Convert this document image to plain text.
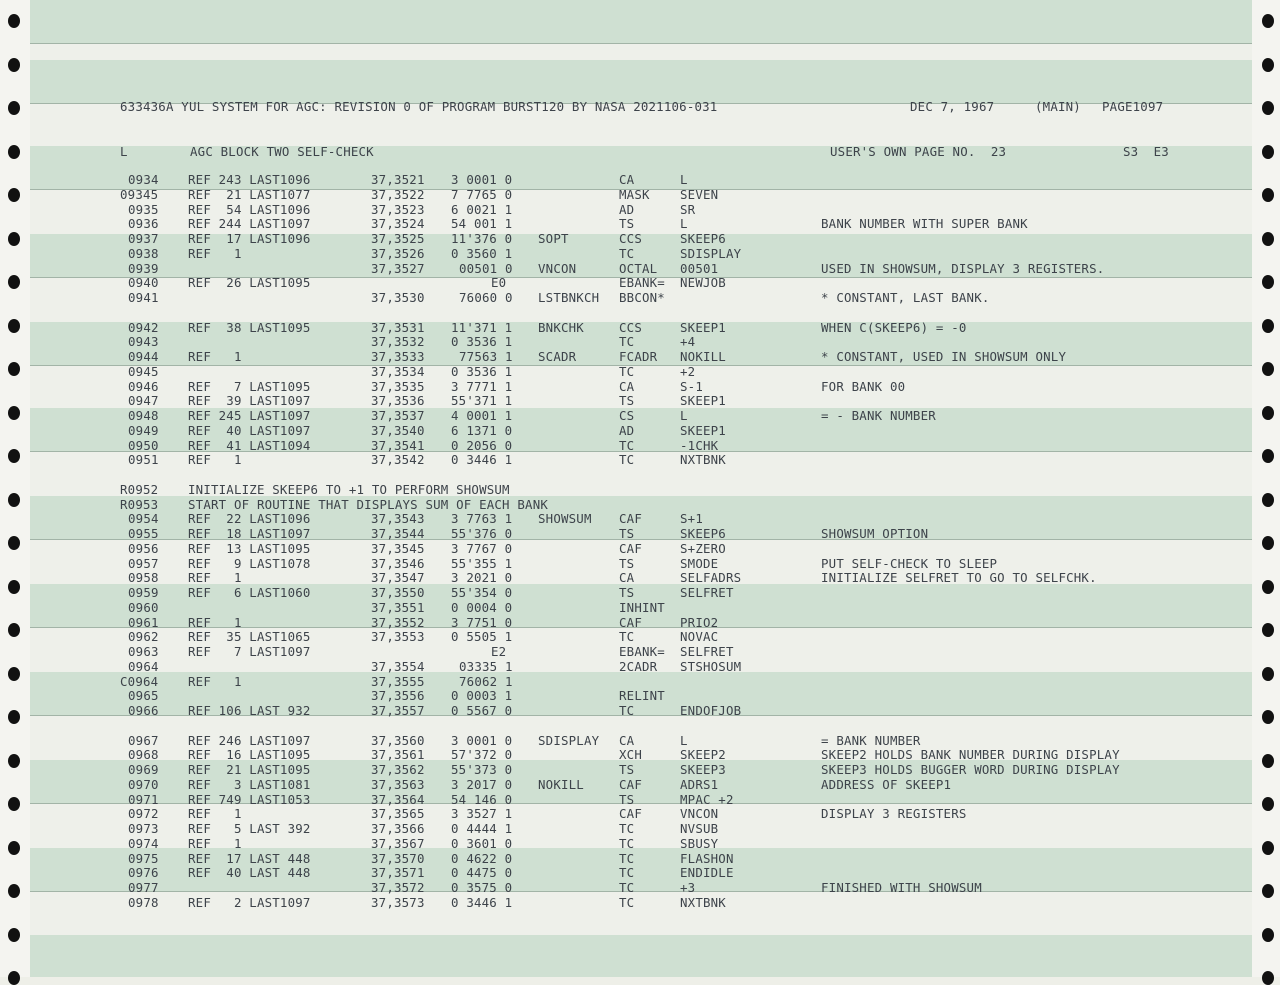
633436A YUL SYSTEM FOR AGC: REVISION 0 OF PROGRAM BURST120 BY NASA 2021106-031	DEC 7, 1967	(MAIN) PAGE1097
L	AGC BLOCK TWO SELF-CHECK	USER'S OWN PAGE NO.  23	S3  E3
0934 REF 243 LAST1096	37,3521 3 0001 0	CA	L
09345 REF  21 LAST1077	37,3522 7 7765 0	MASK SEVEN
0935 REF  54 LAST1096	37,3523 6 0021 1	AD	SR
0936 REF 244 LAST1097	37,3524 54 001 1	TS	L	BANK NUMBER WITH SUPER BANK
0937 REF  17 LAST1096	37,3525 11'376 0 SOPT	CCS	SKEEP6
0938 REF   1	37,3526 0 3560 1	TC	SDISPLAY
0939	37,3527	00501 0 VNCON	OCTAL 00501	USED IN SHOWSUM, DISPLAY 3 REGISTERS.
0940 REF  26 LAST1095	E0	EBANK= NEWJOB
0941	37,3530	76060 0 LSTBNKCH BBCON*	* CONSTANT, LAST BANK.
0942 REF  38 LAST1095	37,3531 11'371 1 BNKCHK	CCS	SKEEP1	WHEN C(SKEEP6) = -0
0943	37,3532 0 3536 1	TC	+4
0944 REF   1	37,3533	77563 1 SCADR	FCADR NOKILL	* CONSTANT, USED IN SHOWSUM ONLY
0945	37,3534 0 3536 1	TC	+2
0946 REF   7 LAST1095	37,3535 3 7771 1	CA	S-1	FOR BANK 00
0947 REF  39 LAST1097	37,3536 55'371 1	TS	SKEEP1
0948 REF 245 LAST1097	37,3537 4 0001 1	CS	L	= - BANK NUMBER
0949 REF  40 LAST1097	37,3540 6 1371 0	AD	SKEEP1
0950 REF  41 LAST1094	37,3541 0 2056 0	TC	-1CHK
0951 REF   1	37,3542 0 3446 1	TC	NXTBNK
R0952 INITIALIZE SKEEP6 TO +1 TO PERFORM SHOWSUM
R0953 START OF ROUTINE THAT DISPLAYS SUM OF EACH BANK
0954 REF  22 LAST1096	37,3543 3 7763 1 SHOWSUM CAF	S+1
0955 REF  18 LAST1097	37,3544 55'376 0	TS	SKEEP6	SHOWSUM OPTION
0956 REF  13 LAST1095	37,3545 3 7767 0	CAF	S+ZERO
0957 REF   9 LAST1078	37,3546 55'355 1	TS	SMODE	PUT SELF-CHECK TO SLEEP
0958 REF   1	37,3547 3 2021 0	CA	SELFADRS	INITIALIZE SELFRET TO GO TO SELFCHK.
0959 REF   6 LAST1060	37,3550 55'354 0	TS	SELFRET
0960	37,3551 0 0004 0	INHINT
0961 REF   1	37,3552 3 7751 0	CAF	PRIO2
0962 REF  35 LAST1065	37,3553 0 5505 1	TC	NOVAC
0963 REF   7 LAST1097	E2	EBANK= SELFRET
0964	37,3554	03335 1	2CADR STSHOSUM
C0964 REF   1	37,3555	76062 1
0965	37,3556 0 0003 1	RELINT
0966 REF 106 LAST 932	37,3557 0 5567 0	TC	ENDOFJOB
0967 REF 246 LAST1097	37,3560 3 0001 0 SDISPLAY CA	L	= BANK NUMBER
0968 REF  16 LAST1095	37,3561 57'372 0	XCH	SKEEP2	SKEEP2 HOLDS BANK NUMBER DURING DISPLAY
0969 REF  21 LAST1095	37,3562 55'373 0	TS	SKEEP3	SKEEP3 HOLDS BUGGER WORD DURING DISPLAY
0970 REF   3 LAST1081	37,3563 3 2017 0 NOKILL	CAF	ADRS1	ADDRESS OF SKEEP1
0971 REF 749 LAST1053	37,3564 54 146 0	TS	MPAC +2
0972 REF   1	37,3565 3 3527 1	CAF	VNCON	DISPLAY 3 REGISTERS
0973 REF   5 LAST 392	37,3566 0 4444 1	TC	NVSUB
0974 REF   1	37,3567 0 3601 0	TC	SBUSY
0975 REF  17 LAST 448	37,3570 0 4622 0	TC	FLASHON
0976 REF  40 LAST 448	37,3571 0 4475 0	TC	ENDIDLE
0977	37,3572 0 3575 0	TC	+3	FINISHED WITH SHOWSUM
0978 REF   2 LAST1097	37,3573 0 3446 1	TC	NXTBNK
